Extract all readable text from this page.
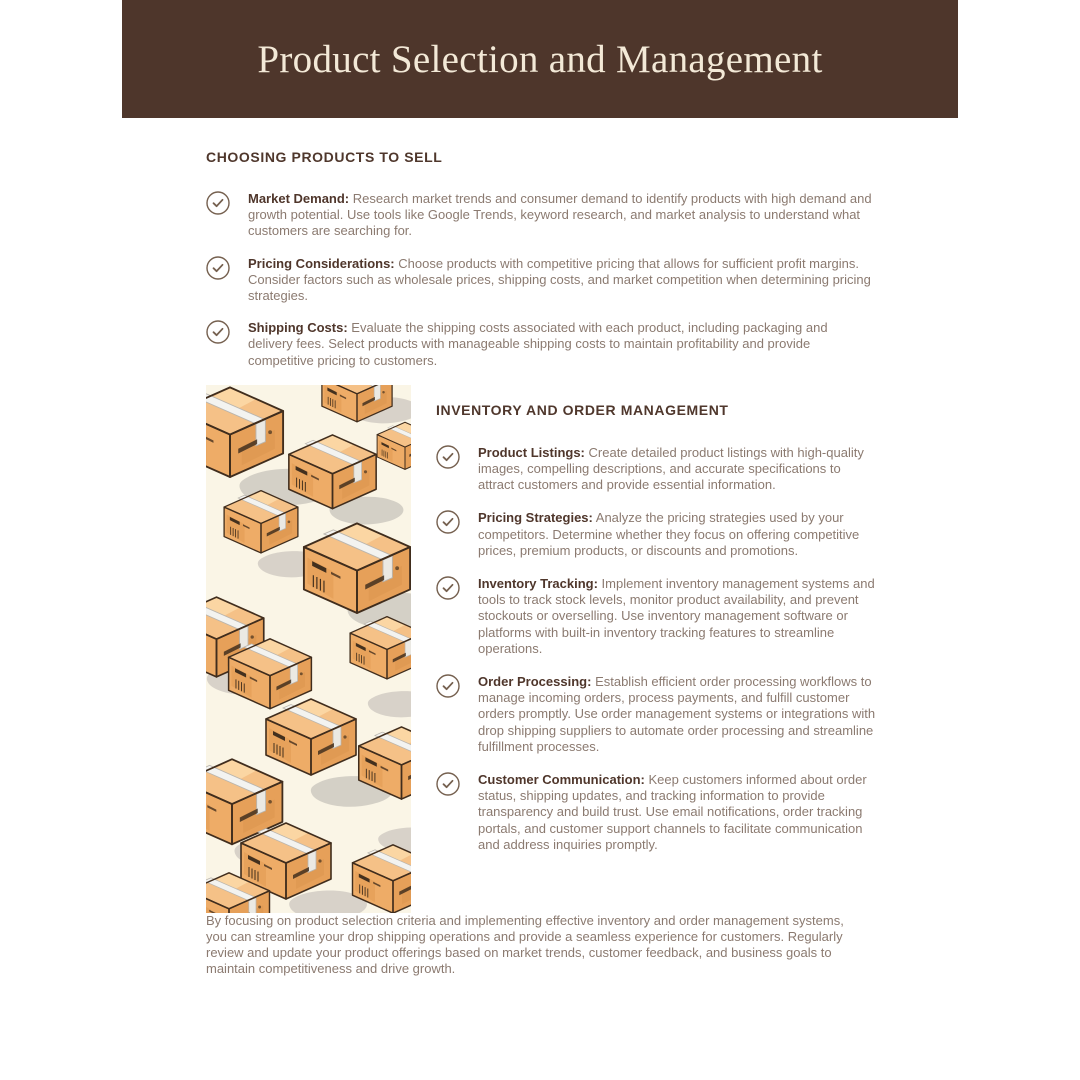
Product Selection and Management
CHOOSING PRODUCTS TO SELL

Market Demand: Research market trends and consumer demand to identify products with high demand and growth potential. Use tools like Google Trends, keyword research, and market analysis to understand what customers are searching for.

Pricing Considerations: Choose products with competitive pricing that allows for sufficient profit margins. Consider factors such as wholesale prices, shipping costs, and market competition when determining pricing strategies.

Shipping Costs: Evaluate the shipping costs associated with each product, including packaging and delivery fees. Select products with manageable shipping costs to maintain profitability and provide competitive pricing to customers.

INVENTORY AND ORDER MANAGEMENT

Product Listings: Create detailed product listings with high-quality images, compelling descriptions, and accurate specifications to attract customers and provide essential information.

Pricing Strategies: Analyze the pricing strategies used by your competitors. Determine whether they focus on offering competitive prices, premium products, or discounts and promotions.

Inventory Tracking: Implement inventory management systems and tools to track stock levels, monitor product availability, and prevent stockouts or overselling. Use inventory management software or platforms with built-in inventory tracking features to streamline operations.

Order Processing: Establish efficient order processing workflows to manage incoming orders, process payments, and fulfill customer orders promptly. Use order management systems or integrations with drop shipping suppliers to automate order processing and streamline fulfillment processes.

Customer Communication: Keep customers informed about order status, shipping updates, and tracking information to provide transparency and build trust. Use email notifications, order tracking portals, and customer support channels to facilitate communication and address inquiries promptly.

By focusing on product selection criteria and implementing effective inventory and order management systems, you can streamline your drop shipping operations and provide a seamless experience for customers. Regularly review and update your product offerings based on market trends, customer feedback, and business goals to maintain competitiveness and drive growth.
